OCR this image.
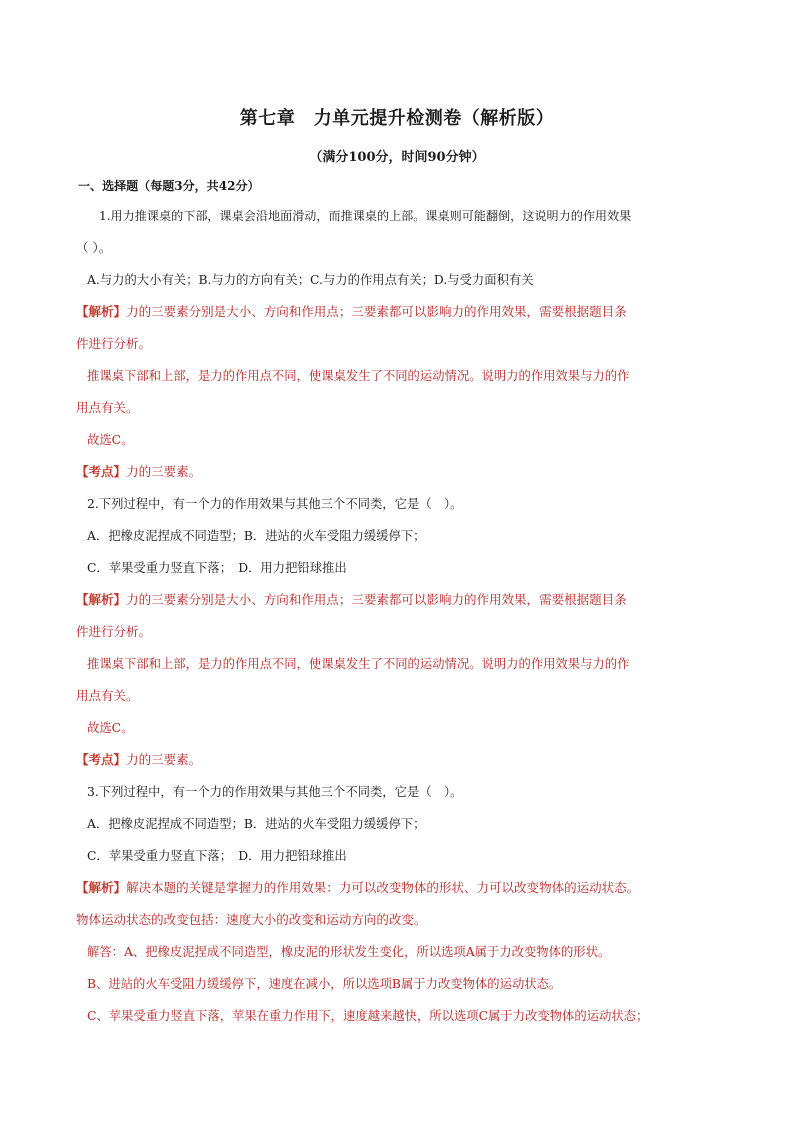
第七章　力单元提升检测卷（解析版）
（满分100分，时间90分钟）
一、选择题（每题3分，共42分）
1.用力推课桌的下部，课桌会沿地面滑动，而推课桌的上部。课桌则可能翻倒，这说明力的作用效果
（ ）。
A.与力的大小有关；B.与力的方向有关；C.与力的作用点有关；D.与受力面积有关
【解析】力的三要素分别是大小、方向和作用点；三要素都可以影响力的作用效果，需要根据题目条
件进行分析。
推课桌下部和上部，是力的作用点不同，使课桌发生了不同的运动情况。说明力的作用效果与力的作
用点有关。
故选C。
【考点】力的三要素。
2.下列过程中，有一个力的作用效果与其他三个不同类，它是（　）。
A．把橡皮泥捏成不同造型；B．进站的火车受阻力缓缓停下；
C．苹果受重力竖直下落；　D．用力把铅球推出
【解析】力的三要素分别是大小、方向和作用点；三要素都可以影响力的作用效果，需要根据题目条
件进行分析。
推课桌下部和上部，是力的作用点不同，使课桌发生了不同的运动情况。说明力的作用效果与力的作
用点有关。
故选C。
【考点】力的三要素。
3.下列过程中，有一个力的作用效果与其他三个不同类，它是（　）。
A．把橡皮泥捏成不同造型；B．进站的火车受阻力缓缓停下；
C．苹果受重力竖直下落；　D．用力把铅球推出
【解析】解决本题的关键是掌握力的作用效果：力可以改变物体的形状、力可以改变物体的运动状态。
物体运动状态的改变包括：速度大小的改变和运动方向的改变。
解答：A、把橡皮泥捏成不同造型，橡皮泥的形状发生变化，所以选项A属于力改变物体的形状。
B、进站的火车受阻力缓缓停下，速度在减小，所以选项B属于力改变物体的运动状态。
C、苹果受重力竖直下落，苹果在重力作用下，速度越来越快，所以选项C属于力改变物体的运动状态；
